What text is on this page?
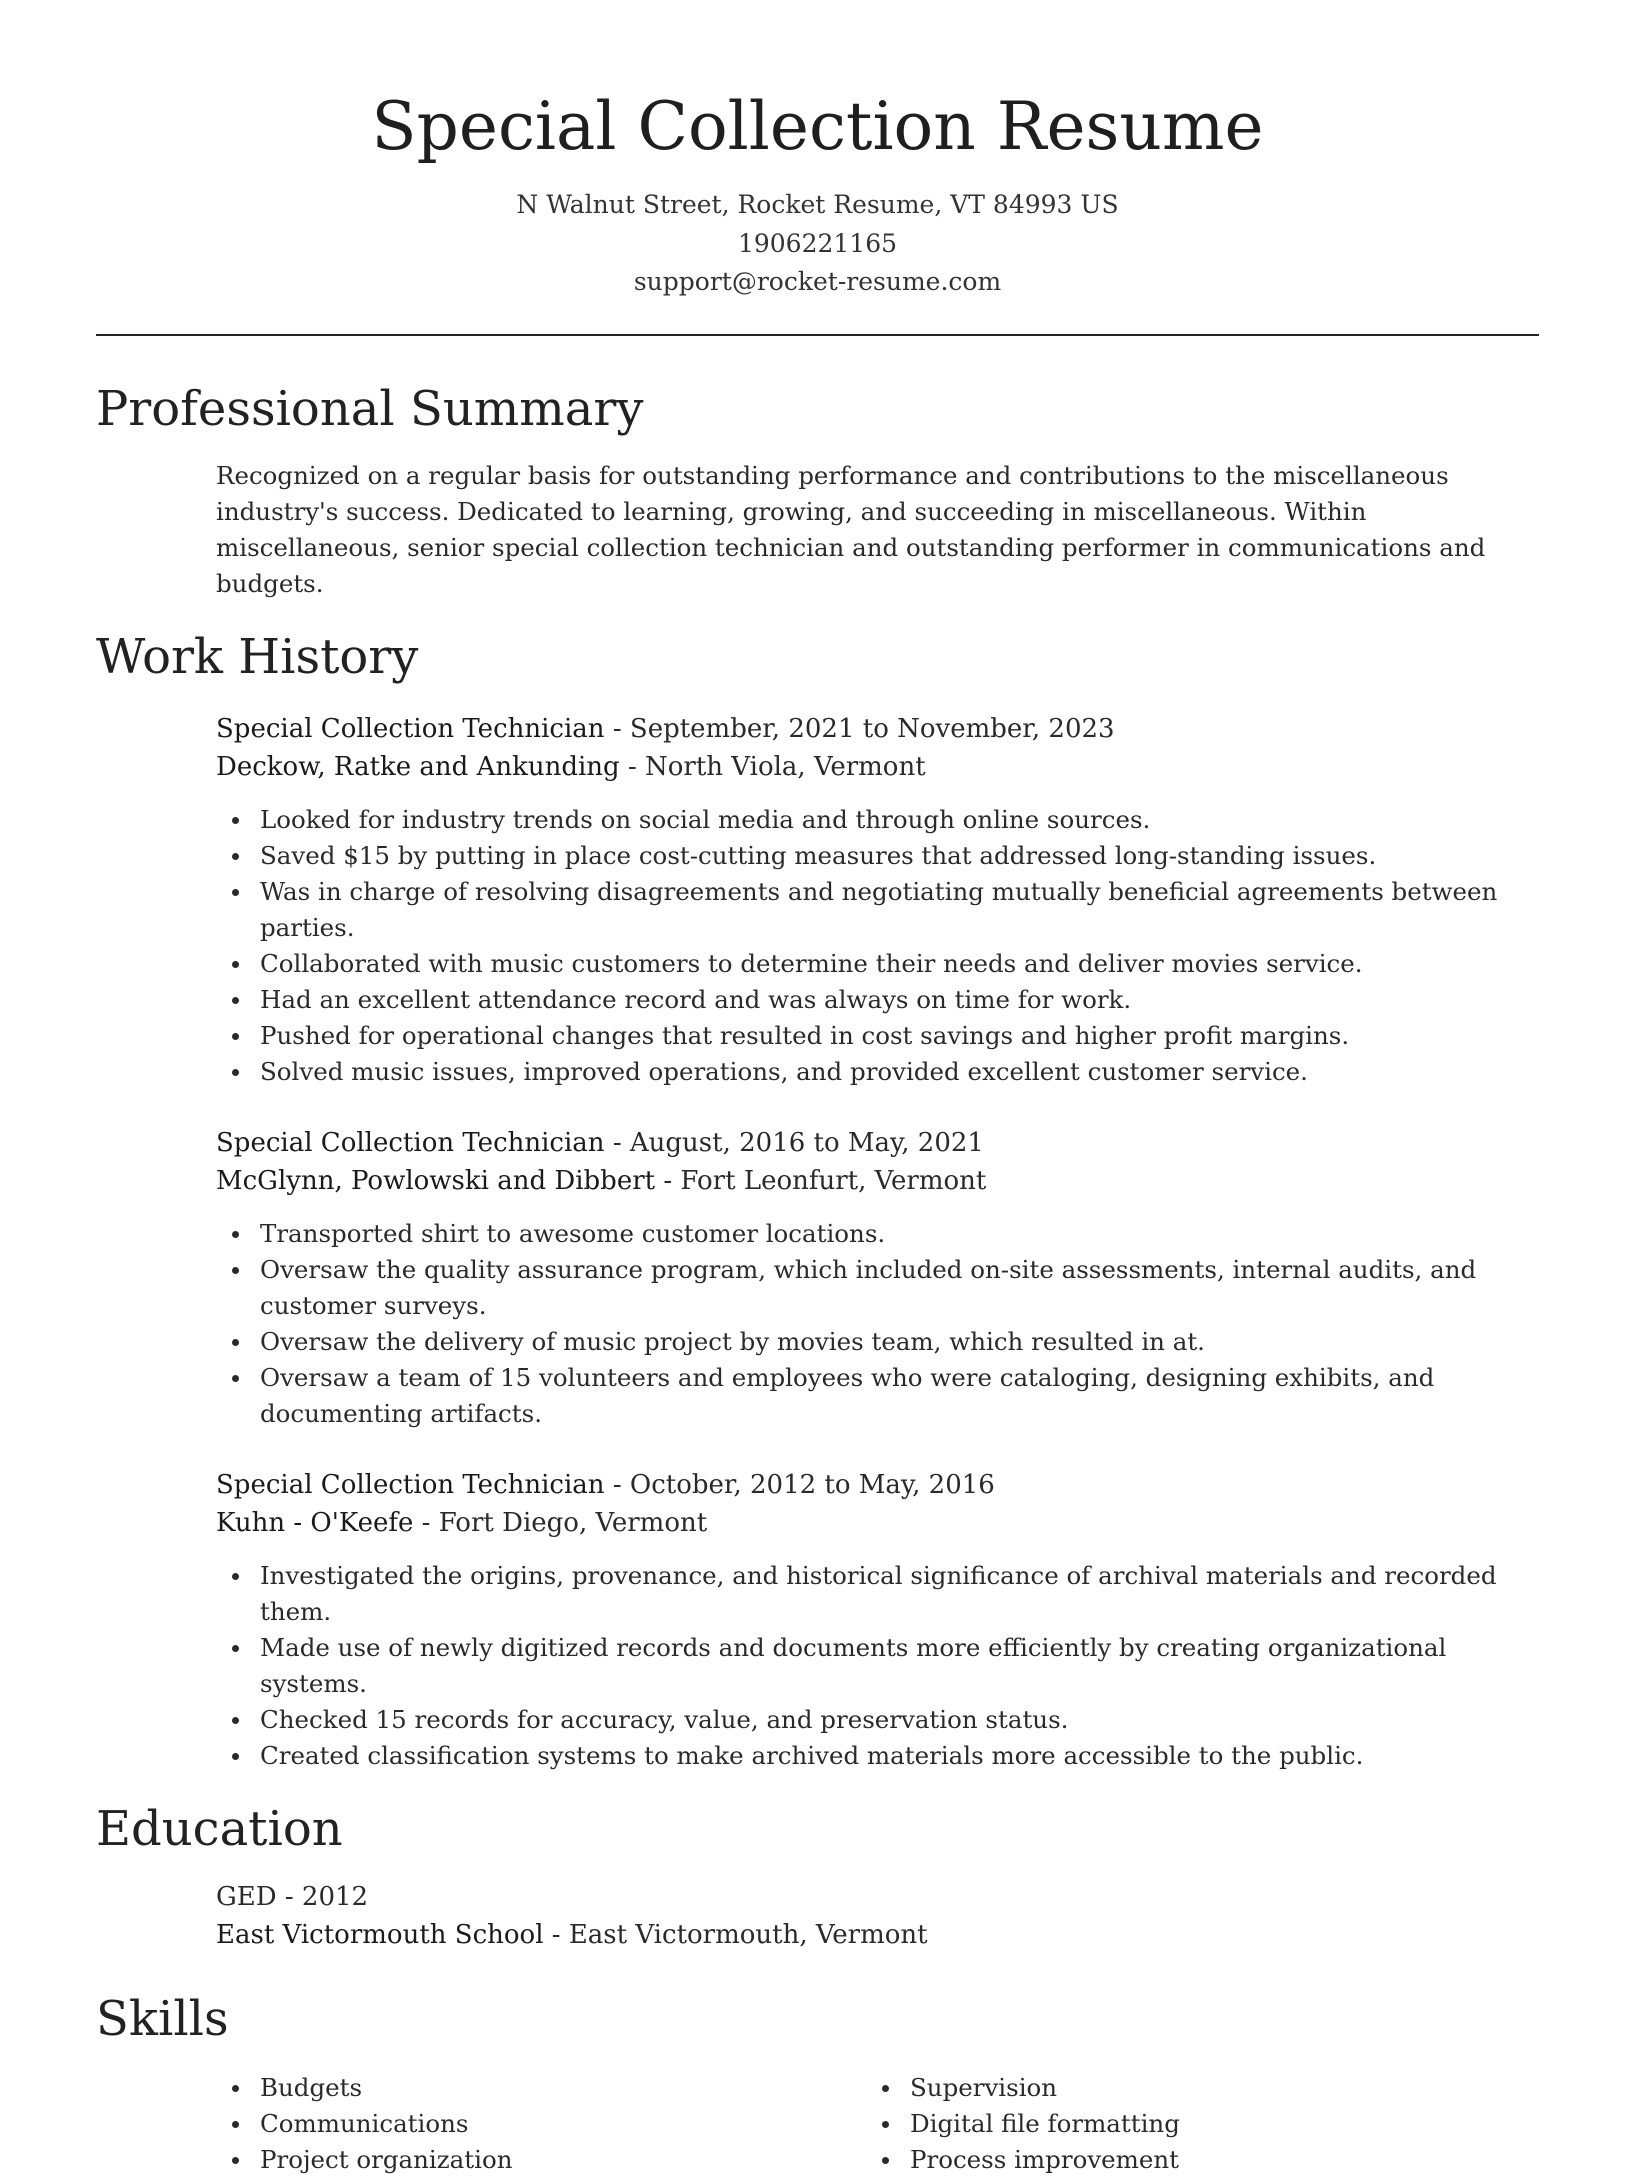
Special Collection Resume
N Walnut Street, Rocket Resume, VT 84993 US
1906221165
support@rocket-resume.com
Professional Summary

Recognized on a regular basis for outstanding performance and contributions to the miscellaneous industry's success. Dedicated to learning, growing, and succeeding in miscellaneous. Within miscellaneous, senior special collection technician and outstanding performer in communications and budgets.

Work History
Special Collection Technician - September, 2021 to November, 2023
Deckow, Ratke and Ankunding - North Viola, Vermont
Looked for industry trends on social media and through online sources.
Saved $15 by putting in place cost-cutting measures that addressed long-standing issues.
Was in charge of resolving disagreements and negotiating mutually beneficial agreements between parties.
Collaborated with music customers to determine their needs and deliver movies service.
Had an excellent attendance record and was always on time for work.
Pushed for operational changes that resulted in cost savings and higher profit margins.
Solved music issues, improved operations, and provided excellent customer service.
Special Collection Technician - August, 2016 to May, 2021
McGlynn, Powlowski and Dibbert - Fort Leonfurt, Vermont
Transported shirt to awesome customer locations.
Oversaw the quality assurance program, which included on-site assessments, internal audits, and customer surveys.
Oversaw the delivery of music project by movies team, which resulted in at.
Oversaw a team of 15 volunteers and employees who were cataloging, designing exhibits, and documenting artifacts.
Special Collection Technician - October, 2012 to May, 2016
Kuhn - O'Keefe - Fort Diego, Vermont
Investigated the origins, provenance, and historical significance of archival materials and recorded them.
Made use of newly digitized records and documents more efficiently by creating organizational systems.
Checked 15 records for accuracy, value, and preservation status.
Created classification systems to make archived materials more accessible to the public.
Education
GED - 2012
East Victormouth School - East Victormouth, Vermont
Skills
Budgets
Communications
Project organization
Supervision
Digital file formatting
Process improvement
